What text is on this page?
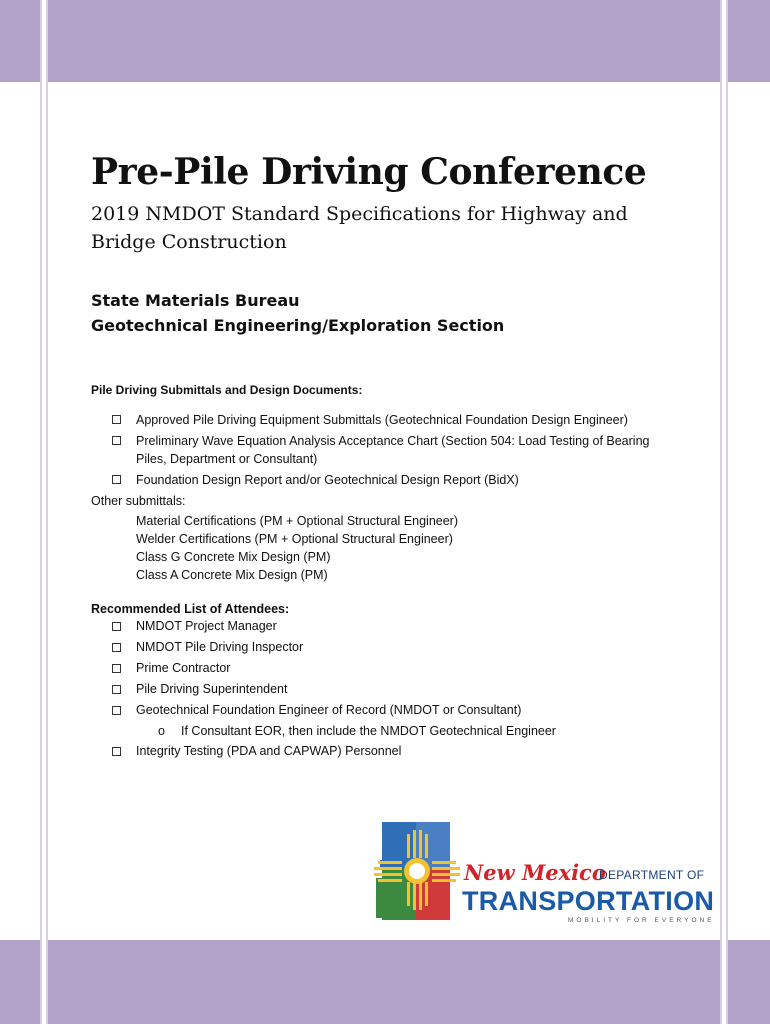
Pre-Pile Driving Conference
2019 NMDOT Standard Specifications for Highway and Bridge Construction
State Materials Bureau
Geotechnical Engineering/Exploration Section
Pile Driving Submittals and Design Documents:
Approved Pile Driving Equipment Submittals (Geotechnical Foundation Design Engineer)
Preliminary Wave Equation Analysis Acceptance Chart (Section 504: Load Testing of Bearing Piles, Department or Consultant)
Foundation Design Report and/or Geotechnical Design Report (BidX)
Other submittals:
Material Certifications (PM + Optional Structural Engineer)
Welder Certifications (PM + Optional Structural Engineer)
Class G Concrete Mix Design (PM)
Class A Concrete Mix Design (PM)
Recommended List of Attendees:
NMDOT Project Manager
NMDOT Pile Driving Inspector
Prime Contractor
Pile Driving Superintendent
Geotechnical Foundation Engineer of Record (NMDOT or Consultant)
o If Consultant EOR, then include the NMDOT Geotechnical Engineer
Integrity Testing (PDA and CAPWAP) Personnel
New Mexico
DEPARTMENT OF
TRANSPORTATION
MOBILITY FOR EVERYONE
